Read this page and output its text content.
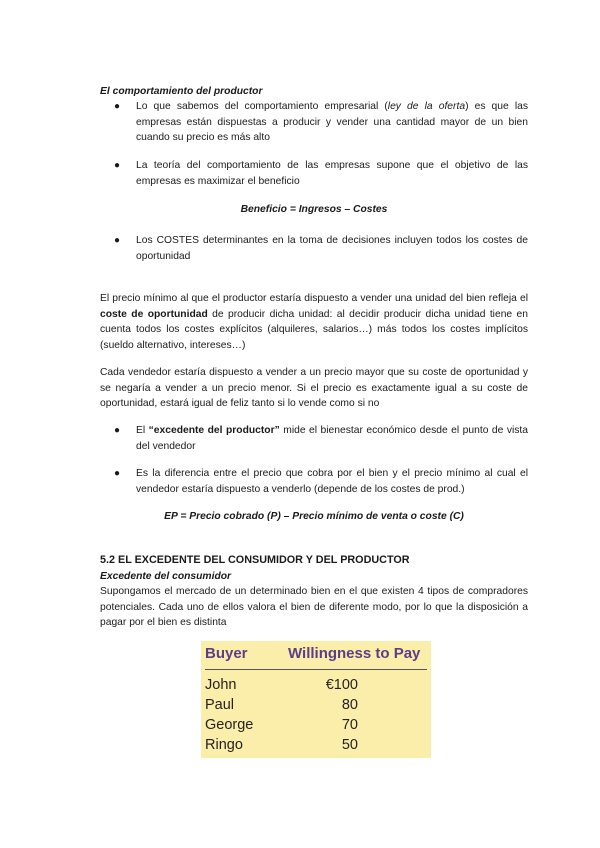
El comportamiento del productor
● Lo que sabemos del comportamiento empresarial (ley de la oferta) es que las empresas están dispuestas a producir y vender una cantidad mayor de un bien cuando su precio es más alto
● La teoría del comportamiento de las empresas supone que el objetivo de las empresas es maximizar el beneficio
Beneficio = Ingresos – Costes
● Los COSTES determinantes en la toma de decisiones incluyen todos los costes de oportunidad
El precio mínimo al que el productor estaría dispuesto a vender una unidad del bien refleja el coste de oportunidad de producir dicha unidad: al decidir producir dicha unidad tiene en cuenta todos los costes explícitos (alquileres, salarios…) más todos los costes implícitos (sueldo alternativo, intereses…)
Cada vendedor estaría dispuesto a vender a un precio mayor que su coste de oportunidad y se negaría a vender a un precio menor. Si el precio es exactamente igual a su coste de oportunidad, estará igual de feliz tanto si lo vende como si no
● El “excedente del productor” mide el bienestar económico desde el punto de vista del vendedor
● Es la diferencia entre el precio que cobra por el bien y el precio mínimo al cual el vendedor estaría dispuesto a venderlo (depende de los costes de prod.)
EP = Precio cobrado (P) – Precio mínimo de venta o coste (C)
5.2 EL EXCEDENTE DEL CONSUMIDOR Y DEL PRODUCTOR
Excedente del consumidor
Supongamos el mercado de un determinado bien en el que existen 4 tipos de compradores potenciales. Cada uno de ellos valora el bien de diferente modo, por lo que la disposición a pagar por el bien es distinta
Buyer	Willingness to Pay
John	€100
Paul	80
George	70
Ringo	50
